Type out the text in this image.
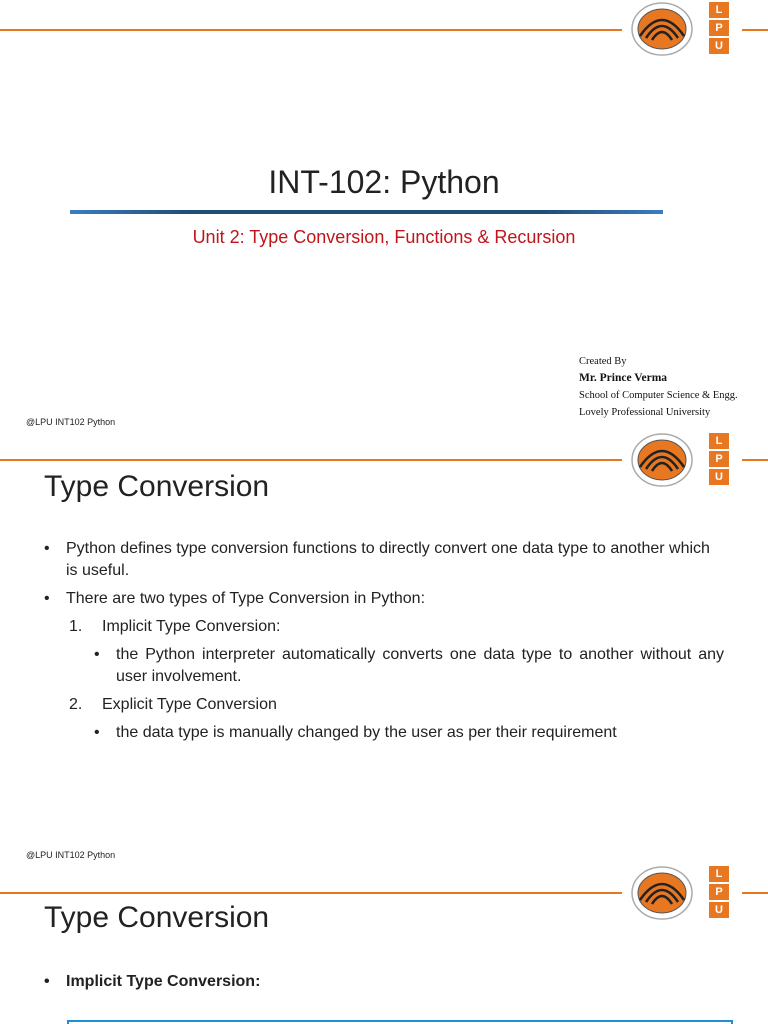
L
P
U
INT-102: Python
Unit 2: Type Conversion, Functions & Recursion
Created By
Mr. Prince Verma
School of Computer Science & Engg.
Lovely Professional University
@LPU INT102 Python
L
P
U
Type Conversion
• Python defines type conversion functions to directly convert one data type to another which is useful.
• There are two types of Type Conversion in Python:
1. Implicit Type Conversion:
• the Python interpreter automatically converts one data type to another without any user involvement.
2. Explicit Type Conversion
• the data type is manually changed by the user as per their requirement
@LPU INT102 Python
L
P
U
Type Conversion
• Implicit Type Conversion:
